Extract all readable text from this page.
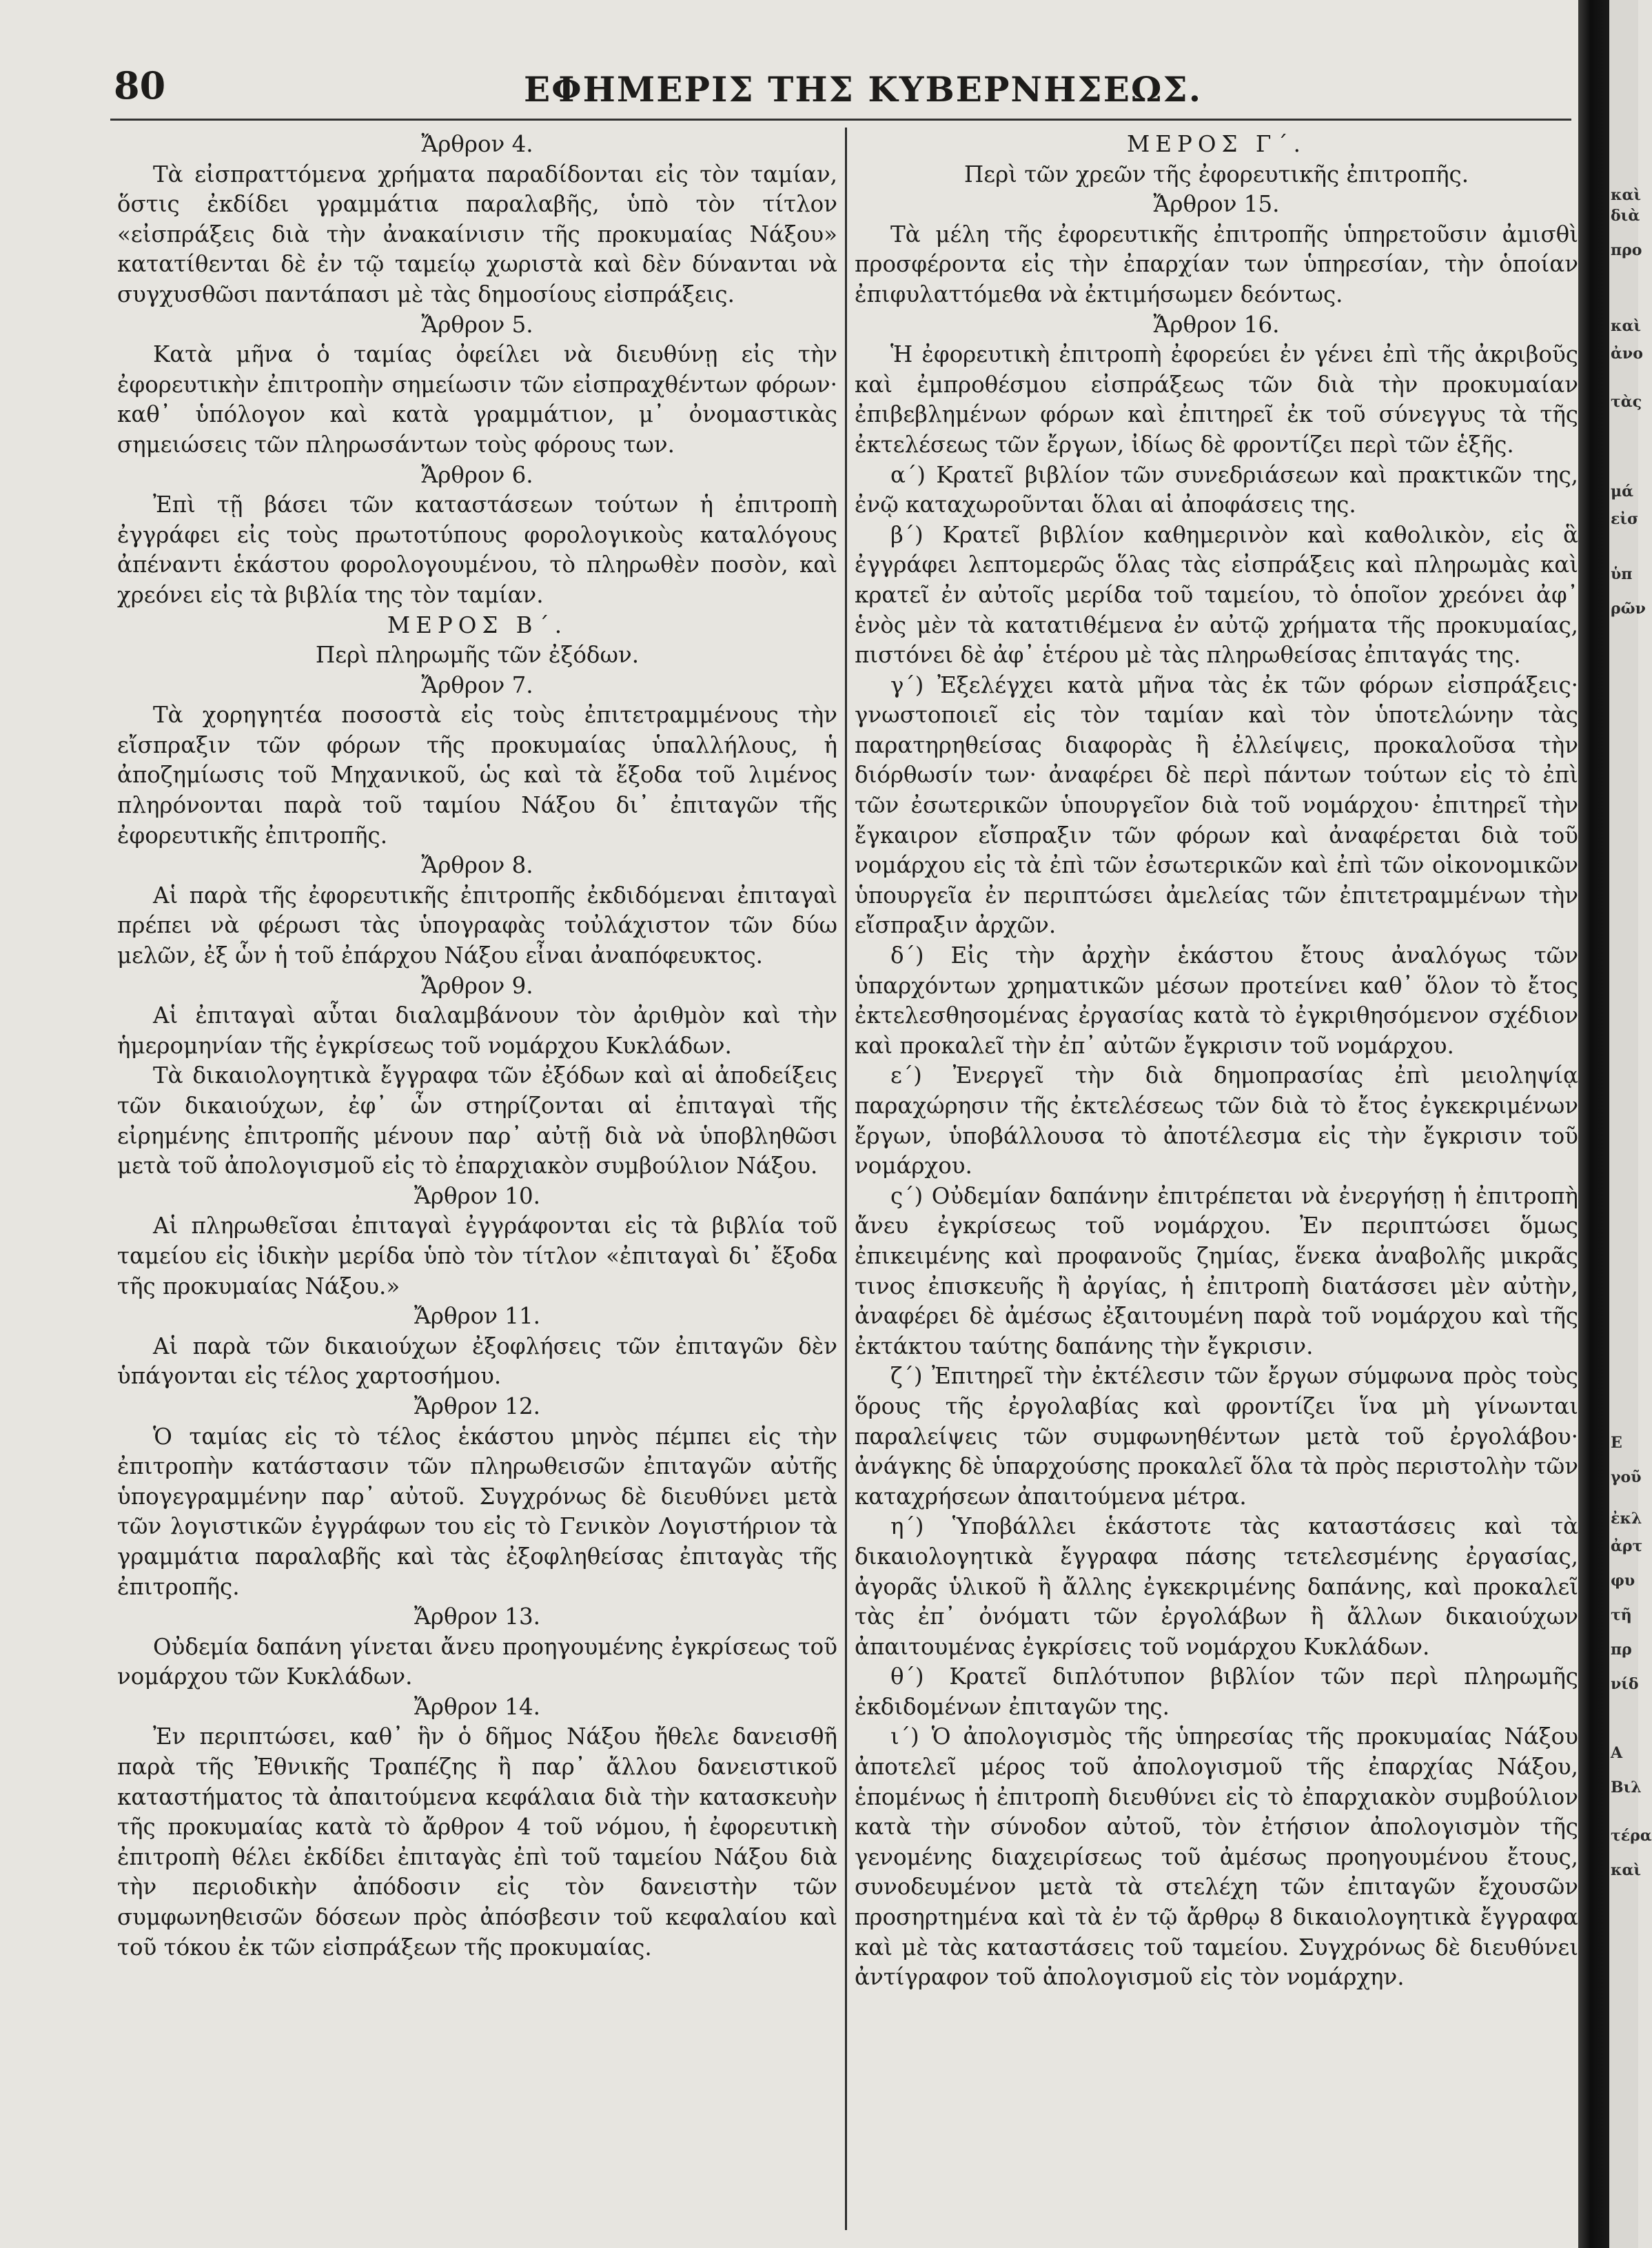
80	ΕΦΗΜΕΡΙΣ ΤΗΣ ΚΥΒΕΡΝΗΣΕΩΣ.
Ἄρθρον 4.

Τὰ εἰσπραττόμενα χρήματα παραδίδονται εἰς τὸν ταμίαν, ὅστις ἐκδίδει γραμμάτια παραλαβῆς, ὑπὸ τὸν τίτλον «εἰσπράξεις διὰ τὴν ἀνακαίνισιν τῆς προκυμαίας Νάξου» κατατίθενται δὲ ἐν τῷ ταμείῳ χωριστὰ καὶ δὲν δύνανται νὰ συγχυσθῶσι παντάπασι μὲ τὰς δημοσίους εἰσπράξεις.

Ἄρθρον 5.

Κατὰ μῆνα ὁ ταμίας ὀφείλει νὰ διευθύνῃ εἰς τὴν ἐφορευτικὴν ἐπιτροπὴν σημείωσιν τῶν εἰσπραχθέντων φόρων· καθ᾽ ὑπόλογον καὶ κατὰ γραμμάτιον, μ᾽ ὀνομαστικὰς σημειώσεις τῶν πληρωσάντων τοὺς φόρους των.

Ἄρθρον 6.

Ἐπὶ τῇ βάσει τῶν καταστάσεων τούτων ἡ ἐπιτροπὴ ἐγγράφει εἰς τοὺς πρωτοτύπους φορολογικοὺς καταλόγους ἀπέναντι ἑκάστου φορολογουμένου, τὸ πληρωθὲν ποσὸν, καὶ χρεόνει εἰς τὰ βιβλία της τὸν ταμίαν.

ΜΕΡΟΣ Β΄.
Περὶ πληρωμῆς τῶν ἐξόδων.
Ἄρθρον 7.

Τὰ χορηγητέα ποσοστὰ εἰς τοὺς ἐπιτετραμμένους τὴν εἴσπραξιν τῶν φόρων τῆς προκυμαίας ὑπαλλήλους, ἡ ἀποζημίωσις τοῦ Μηχανικοῦ, ὡς καὶ τὰ ἔξοδα τοῦ λιμένος πληρόνονται παρὰ τοῦ ταμίου Νάξου δι᾽ ἐπιταγῶν τῆς ἐφορευτικῆς ἐπιτροπῆς.

Ἄρθρον 8.

Αἱ παρὰ τῆς ἐφορευτικῆς ἐπιτροπῆς ἐκδιδόμεναι ἐπιταγαὶ πρέπει νὰ φέρωσι τὰς ὑπογραφὰς τοὐλάχιστον τῶν δύω μελῶν, ἐξ ὧν ἡ τοῦ ἐπάρχου Νάξου εἶναι ἀναπόφευκτος.

Ἄρθρον 9.

Αἱ ἐπιταγαὶ αὗται διαλαμβάνουν τὸν ἀριθμὸν καὶ τὴν ἡμερομηνίαν τῆς ἐγκρίσεως τοῦ νομάρχου Κυκλάδων.

Τὰ δικαιολογητικὰ ἔγγραφα τῶν ἐξόδων καὶ αἱ ἀποδείξεις τῶν δικαιούχων, ἐφ᾽ ὧν στηρίζονται αἱ ἐπιταγαὶ τῆς εἰρημένης ἐπιτροπῆς μένουν παρ᾽ αὐτῇ διὰ νὰ ὑποβληθῶσι μετὰ τοῦ ἀπολογισμοῦ εἰς τὸ ἐπαρχιακὸν συμβούλιον Νάξου.

Ἄρθρον 10.

Αἱ πληρωθεῖσαι ἐπιταγαὶ ἐγγράφονται εἰς τὰ βιβλία τοῦ ταμείου εἰς ἰδικὴν μερίδα ὑπὸ τὸν τίτλον «ἐπιταγαὶ δι᾽ ἔξοδα τῆς προκυμαίας Νάξου.»

Ἄρθρον 11.

Αἱ παρὰ τῶν δικαιούχων ἐξοφλήσεις τῶν ἐπιταγῶν δὲν ὑπάγονται εἰς τέλος χαρτοσήμου.

Ἄρθρον 12.

Ὁ ταμίας εἰς τὸ τέλος ἑκάστου μηνὸς πέμπει εἰς τὴν ἐπιτροπὴν κατάστασιν τῶν πληρωθεισῶν ἐπιταγῶν αὐτῆς ὑπογεγραμμένην παρ᾽ αὐτοῦ. Συγχρόνως δὲ διευθύνει μετὰ τῶν λογιστικῶν ἐγγράφων του εἰς τὸ Γενικὸν Λογιστήριον τὰ γραμμάτια παραλαβῆς καὶ τὰς ἐξοφληθείσας ἐπιταγὰς τῆς ἐπιτροπῆς.

Ἄρθρον 13.

Οὐδεμία δαπάνη γίνεται ἄνευ προηγουμένης ἐγκρίσεως τοῦ νομάρχου τῶν Κυκλάδων.

Ἄρθρον 14.

Ἐν περιπτώσει, καθ᾽ ἣν ὁ δῆμος Νάξου ἤθελε δανεισθῆ παρὰ τῆς Ἐθνικῆς Τραπέζης ἢ παρ᾽ ἄλλου δανειστικοῦ καταστήματος τὰ ἀπαιτούμενα κεφάλαια διὰ τὴν κατασκευὴν τῆς προκυμαίας κατὰ τὸ ἄρθρον 4 τοῦ νόμου, ἡ ἐφορευτικὴ ἐπιτροπὴ θέλει ἐκδίδει ἐπιταγὰς ἐπὶ τοῦ ταμείου Νάξου διὰ τὴν περιοδικὴν ἀπόδοσιν εἰς τὸν δανειστὴν τῶν συμφωνηθεισῶν δόσεων πρὸς ἀπόσβεσιν τοῦ κεφαλαίου καὶ τοῦ τόκου ἐκ τῶν εἰσπράξεων τῆς προκυμαίας.

ΜΕΡΟΣ Γ΄.
Περὶ τῶν χρεῶν τῆς ἐφορευτικῆς ἐπιτροπῆς.
Ἄρθρον 15.

Τὰ μέλη τῆς ἐφορευτικῆς ἐπιτροπῆς ὑπηρετοῦσιν ἀμισθὶ προσφέροντα εἰς τὴν ἐπαρχίαν των ὑπηρεσίαν, τὴν ὁποίαν ἐπιφυλαττόμεθα νὰ ἐκτιμήσωμεν δεόντως.

Ἄρθρον 16.

Ἡ ἐφορευτικὴ ἐπιτροπὴ ἐφορεύει ἐν γένει ἐπὶ τῆς ἀκριβοῦς καὶ ἐμπροθέσμου εἰσπράξεως τῶν διὰ τὴν προκυμαίαν ἐπιβεβλημένων φόρων καὶ ἐπιτηρεῖ ἐκ τοῦ σύνεγγυς τὰ τῆς ἐκτελέσεως τῶν ἔργων, ἰδίως δὲ φροντίζει περὶ τῶν ἑξῆς.

α΄) Κρατεῖ βιβλίον τῶν συνεδριάσεων καὶ πρακτικῶν της, ἐνῷ καταχωροῦνται ὅλαι αἱ ἀποφάσεις της.

β΄) Κρατεῖ βιβλίον καθημερινὸν καὶ καθολικὸν, εἰς ἃ ἐγγράφει λεπτομερῶς ὅλας τὰς εἰσπράξεις καὶ πληρωμὰς καὶ κρατεῖ ἐν αὐτοῖς μερίδα τοῦ ταμείου, τὸ ὁποῖον χρεόνει ἀφ᾽ ἑνὸς μὲν τὰ κατατιθέμενα ἐν αὐτῷ χρήματα τῆς προκυμαίας, πιστόνει δὲ ἀφ᾽ ἑτέρου μὲ τὰς πληρωθείσας ἐπιταγάς της.

γ΄) Ἐξελέγχει κατὰ μῆνα τὰς ἐκ τῶν φόρων εἰσπράξεις· γνωστοποιεῖ εἰς τὸν ταμίαν καὶ τὸν ὑποτελώνην τὰς παρατηρηθείσας διαφορὰς ἢ ἐλλείψεις, προκαλοῦσα τὴν διόρθωσίν των· ἀναφέρει δὲ περὶ πάντων τούτων εἰς τὸ ἐπὶ τῶν ἐσωτερικῶν ὑπουργεῖον διὰ τοῦ νομάρχου· ἐπιτηρεῖ τὴν ἔγκαιρον εἴσπραξιν τῶν φόρων καὶ ἀναφέρεται διὰ τοῦ νομάρχου εἰς τὰ ἐπὶ τῶν ἐσωτερικῶν καὶ ἐπὶ τῶν οἰκονομικῶν ὑπουργεῖα ἐν περιπτώσει ἀμελείας τῶν ἐπιτετραμμένων τὴν εἴσπραξιν ἀρχῶν.

δ΄) Εἰς τὴν ἀρχὴν ἑκάστου ἔτους ἀναλόγως τῶν ὑπαρχόντων χρηματικῶν μέσων προτείνει καθ᾽ ὅλον τὸ ἔτος ἐκτελεσθησομένας ἐργασίας κατὰ τὸ ἐγκριθησόμενον σχέδιον καὶ προκαλεῖ τὴν ἐπ᾽ αὐτῶν ἔγκρισιν τοῦ νομάρχου.

ε΄) Ἐνεργεῖ τὴν διὰ δημοπρασίας ἐπὶ μειοληψίᾳ παραχώρησιν τῆς ἐκτελέσεως τῶν διὰ τὸ ἔτος ἐγκεκριμένων ἔργων, ὑποβάλλουσα τὸ ἀποτέλεσμα εἰς τὴν ἔγκρισιν τοῦ νομάρχου.

ς΄) Οὐδεμίαν δαπάνην ἐπιτρέπεται νὰ ἐνεργήσῃ ἡ ἐπιτροπὴ ἄνευ ἐγκρίσεως τοῦ νομάρχου. Ἐν περιπτώσει ὅμως ἐπικειμένης καὶ προφανοῦς ζημίας, ἕνεκα ἀναβολῆς μικρᾶς τινος ἐπισκευῆς ἢ ἀργίας, ἡ ἐπιτροπὴ διατάσσει μὲν αὐτὴν, ἀναφέρει δὲ ἀμέσως ἐξαιτουμένη παρὰ τοῦ νομάρχου καὶ τῆς ἐκτάκτου ταύτης δαπάνης τὴν ἔγκρισιν.

ζ΄) Ἐπιτηρεῖ τὴν ἐκτέλεσιν τῶν ἔργων σύμφωνα πρὸς τοὺς ὅρους τῆς ἐργολαβίας καὶ φροντίζει ἵνα μὴ γίνωνται παραλείψεις τῶν συμφωνηθέντων μετὰ τοῦ ἐργολάβου· ἀνάγκης δὲ ὑπαρχούσης προκαλεῖ ὅλα τὰ πρὸς περιστολὴν τῶν καταχρήσεων ἀπαιτούμενα μέτρα.

η΄) Ὑποβάλλει ἑκάστοτε τὰς καταστάσεις καὶ τὰ δικαιολογητικὰ ἔγγραφα πάσης τετελεσμένης ἐργασίας, ἀγορᾶς ὑλικοῦ ἢ ἄλλης ἐγκεκριμένης δαπάνης, καὶ προκαλεῖ τὰς ἐπ᾽ ὀνόματι τῶν ἐργολάβων ἢ ἄλλων δικαιούχων ἀπαιτουμένας ἐγκρίσεις τοῦ νομάρχου Κυκλάδων.

θ΄) Κρατεῖ διπλότυπον βιβλίον τῶν περὶ πληρωμῆς ἐκδιδομένων ἐπιταγῶν της.

ι΄) Ὁ ἀπολογισμὸς τῆς ὑπηρεσίας τῆς προκυμαίας Νάξου ἀποτελεῖ μέρος τοῦ ἀπολογισμοῦ τῆς ἐπαρχίας Νάξου, ἑπομένως ἡ ἐπιτροπὴ διευθύνει εἰς τὸ ἐπαρχιακὸν συμβούλιον κατὰ τὴν σύνοδον αὐτοῦ, τὸν ἐτήσιον ἀπολογισμὸν τῆς γενομένης διαχειρίσεως τοῦ ἀμέσως προηγουμένου ἔτους, συνοδευμένον μετὰ τὰ στελέχη τῶν ἐπιταγῶν ἔχουσῶν προσηρτημένα καὶ τὰ ἐν τῷ ἄρθρῳ 8 δικαιολογητικὰ ἔγγραφα καὶ μὲ τὰς καταστάσεις τοῦ ταμείου. Συγχρόνως δὲ διευθύνει ἀντίγραφον τοῦ ἀπολογισμοῦ εἰς τὸν νομάρχην.

καὶ
διὰ
προ
καὶ
ἀνο
τὰς
μά
εἰσ
ὑπ
ρῶν
Ε
γοῦ
ἐκλ
ἀρτ
φυ
τῆ
πρ
νίδ
Α
Βιλ
τέρα
καὶ
